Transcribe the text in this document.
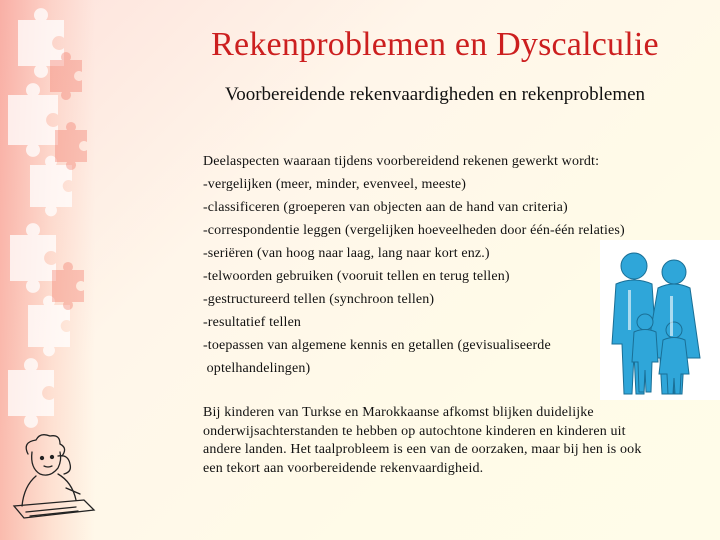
Rekenproblemen en Dyscalculie
Voorbereidende rekenvaardigheden en rekenproblemen
Deelaspecten waaraan tijdens voorbereidend rekenen gewerkt wordt:
-vergelijken (meer, minder, evenveel, meeste)
-classificeren (groeperen van objecten aan de hand van criteria)
-correspondentie leggen (vergelijken hoeveelheden door één-één relaties)
-seriëren (van hoog naar laag, lang naar kort enz.)
-telwoorden gebruiken (vooruit tellen en terug tellen)
-gestructureerd tellen (synchroon tellen)
-resultatief tellen
-toepassen van algemene kennis en getallen (gevisualiseerde
optelhandelingen)
Bij kinderen van Turkse en Marokkaanse afkomst blijken duidelijke
onderwijsachterstanden te hebben op autochtone kinderen en kinderen uit
andere landen. Het taalprobleem is een van de oorzaken, maar bij hen is ook
een tekort aan voorbereidende rekenvaardigheid.
